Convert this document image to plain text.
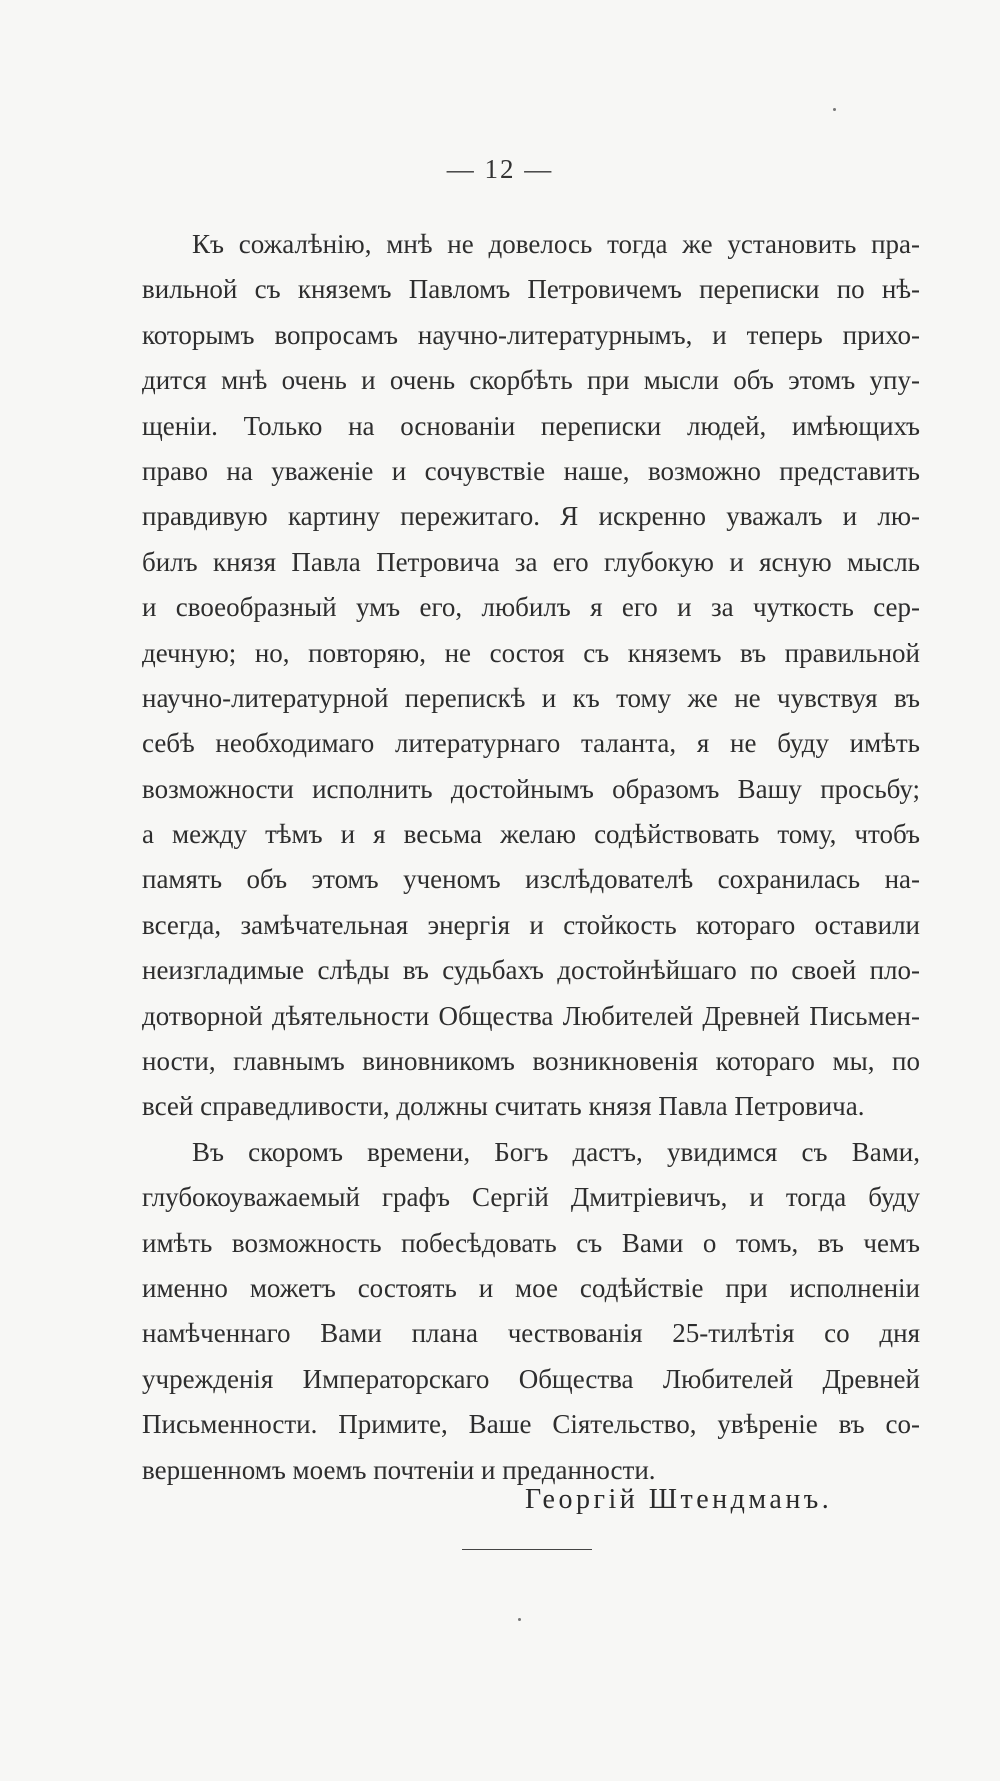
— 12 —
Къ сожалѣнію, мнѣ не довелось тогда же установить пра-
вильной съ княземъ Павломъ Петровичемъ переписки по нѣ-
которымъ вопросамъ научно-литературнымъ, и теперь прихо-
дится мнѣ очень и очень скорбѣть при мысли объ этомъ упу-
щеніи. Только на основаніи переписки людей, имѣющихъ
право на уваженіе и сочувствіе наше, возможно представить
правдивую картину пережитаго. Я искренно уважалъ и лю-
билъ князя Павла Петровича за его глубокую и ясную мысль
и своеобразный умъ его, любилъ я его и за чуткость сер-
дечную; но, повторяю, не состоя съ княземъ въ правильной
научно-литературной перепискѣ и къ тому же не чувствуя въ
себѣ необходимаго литературнаго таланта, я не буду имѣть
возможности исполнить достойнымъ образомъ Вашу просьбу;
а между тѣмъ и я весьма желаю содѣйствовать тому, чтобъ
память объ этомъ ученомъ изслѣдователѣ сохранилась на-
всегда, замѣчательная энергія и стойкость котораго оставили
неизгладимые слѣды въ судьбахъ достойнѣйшаго по своей пло-
дотворной дѣятельности Общества Любителей Древней Письмен-
ности, главнымъ виновникомъ возникновенія котораго мы, по
всей справедливости, должны считать князя Павла Петровича.
Въ скоромъ времени, Богъ дастъ, увидимся съ Вами,
глубокоуважаемый графъ Сергій Дмитріевичъ, и тогда буду
имѣть возможность побесѣдовать съ Вами о томъ, въ чемъ
именно можетъ состоять и мое содѣйствіе при исполненіи
намѣченнаго Вами плана чествованія 25-тилѣтія со дня
учрежденія Императорскаго Общества Любителей Древней
Письменности. Примите, Ваше Сіятельство, увѣреніе въ со-
вершенномъ моемъ почтеніи и преданности.
Георгій Штендманъ.
